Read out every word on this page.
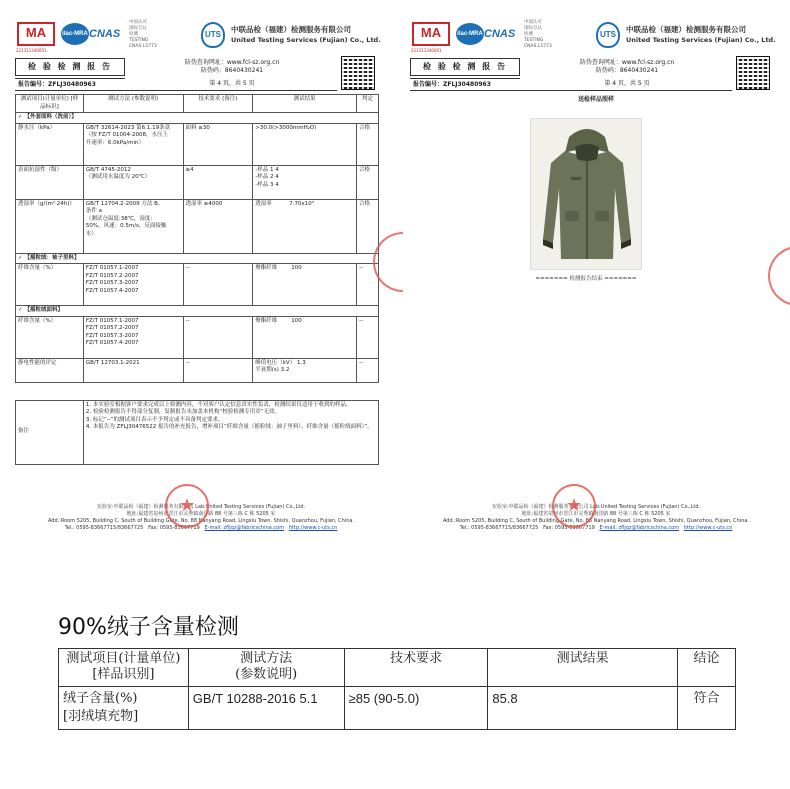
MA
221311340001
ilac-MRA CNAS
中国认可
国际互认
检测
TESTING
CNAS L5773
UTS
中联品检（福建）检测服务有限公司
United Testing Services (Fujian) Co., Ltd.
检 验 检 测 报 告	防伪查询网址：www.fcl-sz.org.cn
防伪码：8640430241
报告编号：ZFLJ30480963	第 4 页，共 5 页
测试项目(计量单位) [样品标识]	测试方法 (参数说明)	技术要求 (备注)	测试结果	判定
✓ 【外套面料（洗前）】				
静水压（kPa）	GB/T 32614-2023 第6.1.19条款
（按 FZ/T 01004-2008，水压上
升速率：6.0kPa/min）	面料 ≥30	>30.0(>3000mmH₂O)	合格
表面抗湿性（级）	GB/T 4745-2012
（测试用水温度为 20℃）	≥4	-样品 1 4
-样品 2 4
-样品 3 4	合格
透湿率（g/(m²·24h)）	GB/T 12704.2-2009 方法 B、
条件 a
（测试仓温度:38℃，湿度:
50%，风速：0.5m/s，反面接触
水）	透湿率 ≥4000	透湿率 7.70x10³	合格
✓ 【摇粒绒：袖子里料】				
纤维含量（%）	FZ/T 01057.1-2007
FZ/T 01057.2-2007
FZ/T 01057.3-2007
FZ/T 01057.4-2007	--	聚酯纤维 100	--
✓ 【摇粒绒面料】				
纤维含量（%）	FZ/T 01057.1-2007
FZ/T 01057.2-2007
FZ/T 01057.3-2007
FZ/T 01057.4-2007	--	聚酯纤维 100	--
静电性能的评定	GB/T 12703.1-2021	--	峰值电压（kV） 1.3
半衰期(s) 3.2	--

备注	1. 本实验室根据客户要求完成以上检测内容，不对客户认定信息真实性负责，检测结果仅适用于收到的样品。
2. 检验检测报告不得部分复制，复制报告未加盖本机构“校验检测专用章”无效。
3. 标记“--”的测试项目表示不予判定或不具备判定要求。
4. 本报告为 ZFLJ30476522 报告的补充报告，增补项目“纤维含量（摇粒绒：袖子里料）、纤维含量（摇粒绒面料）”。			
实验室:中联品检（福建）检测服务有限公司 Lab:United Testing Services (Fujian) Co.,Ltd.
地址:福建省泉州市晋江市灵秀镇南洋路 88 号第三栋 C 栋 5205 室
Add.:Room 5205, Building C, South of Building Gate, No. 88 Nanyang Road, Lingxiu Town, Shishi, Quanzhou, Fujian, China.
Tel.: 0595-83667715/83667725 Fax: 0595-83667719 E-mail: zfljqz@fabricschina.com http://www.c-uts.cn
★
MA
221311340001
ilac-MRA CNAS
中国认可
国际互认
检测
TESTING
CNAS L5773
UTS
中联品检（福建）检测服务有限公司
United Testing Services (Fujian) Co., Ltd.
检 验 检 测 报 告	防伪查询网址：www.fcl-sz.org.cn
防伪码：8640430241
报告编号：ZFLJ30480963	第 4 页，共 5 页
送检样品照样
======= 检测报告结束 =======
实验室:中联品检（福建）检测服务有限公司 Lab:United Testing Services (Fujian) Co.,Ltd.
地址:福建省泉州市晋江市灵秀镇南洋路 88 号第三栋 C 栋 5205 室
Add.:Room 5205, Building C, South of Building Gate, No. 88 Nanyang Road, Lingxiu Town, Shishi, Quanzhou, Fujian, China.
Tel.: 0595-83667715/83667725 Fax: 0595-83667719 E-mail: zfljqz@fabricschina.com http://www.c-uts.cn
★
90%绒子含量检测
测试项目(计量单位)
[样品识别]	测试方法
(参数说明)	技术要求	测试结果	结论

绒子含量(%)
[羽绒填充物]	GB/T 10288-2016 5.1	≥85 (90-5.0)	85.8	符合
